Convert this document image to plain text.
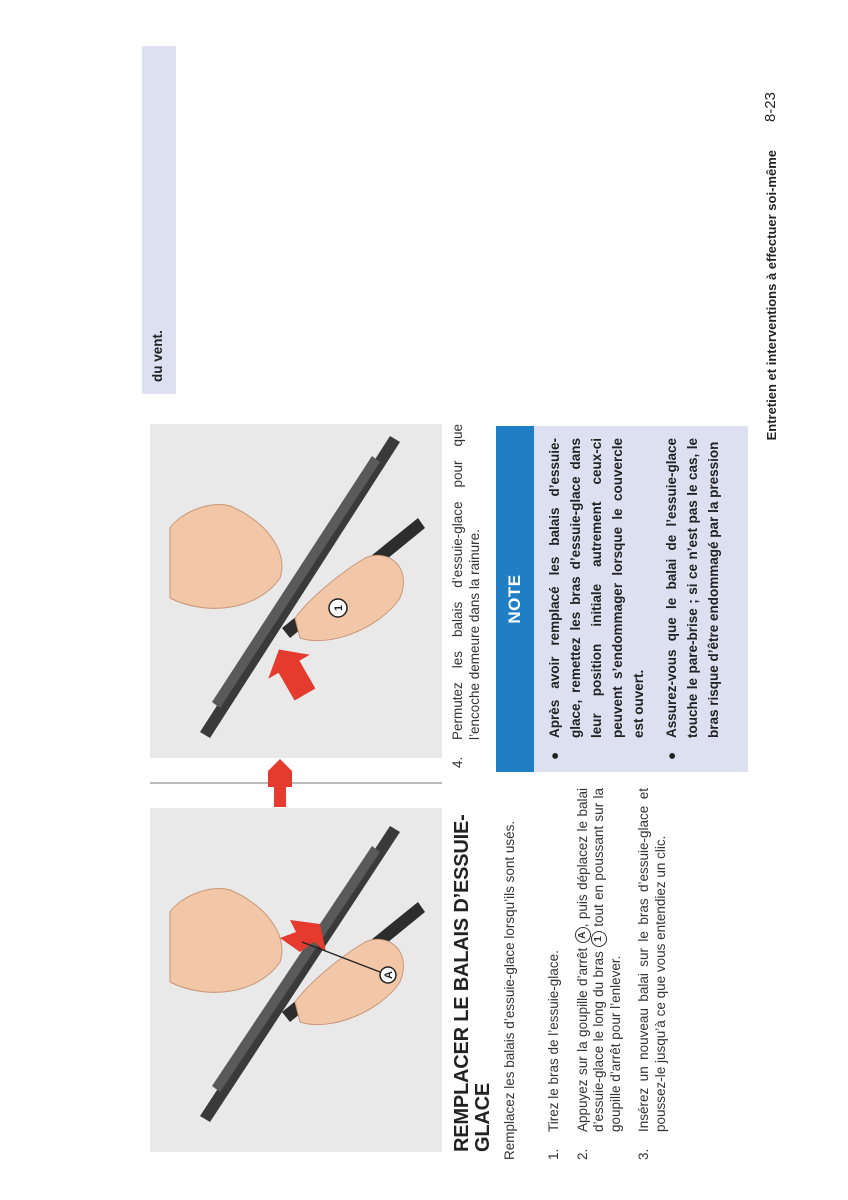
A
1
du vent.
REMPLACER LE BALAIS D’ESSUIE-GLACE Remplacez les balais d’essuie-glace lorsqu’ils sont usés. 1.
Tirez le bras de l’essuie-glace.
2.
Appuyez sur la goupille d’arrêt A, puis déplacez le balai d’essuie-glace le long du bras 1 tout en poussant sur la goupille d’arrêt pour l’enlever.
3.
Insérez un nouveau balai sur le bras d’essuie-glace et poussez-le jusqu’à ce que vous entendiez un clic.
4.
Permutez les balais d’essuie-glace pour que l’encoche demeure dans la rainure.	NOTE
●
Après avoir remplacé les balais d’essuie-glace, remettez les bras d’essuie-glace dans leur position initiale autrement ceux-ci peuvent s’endommager lorsque le couvercle est ouvert.
●
Assurez-vous que le balai de l’essuie-glace touche le pare-brise ; si ce n’est pas le cas, le bras risque d’être endommagé par la pression
Entretien et interventions à effectuer soi-même
8-23
